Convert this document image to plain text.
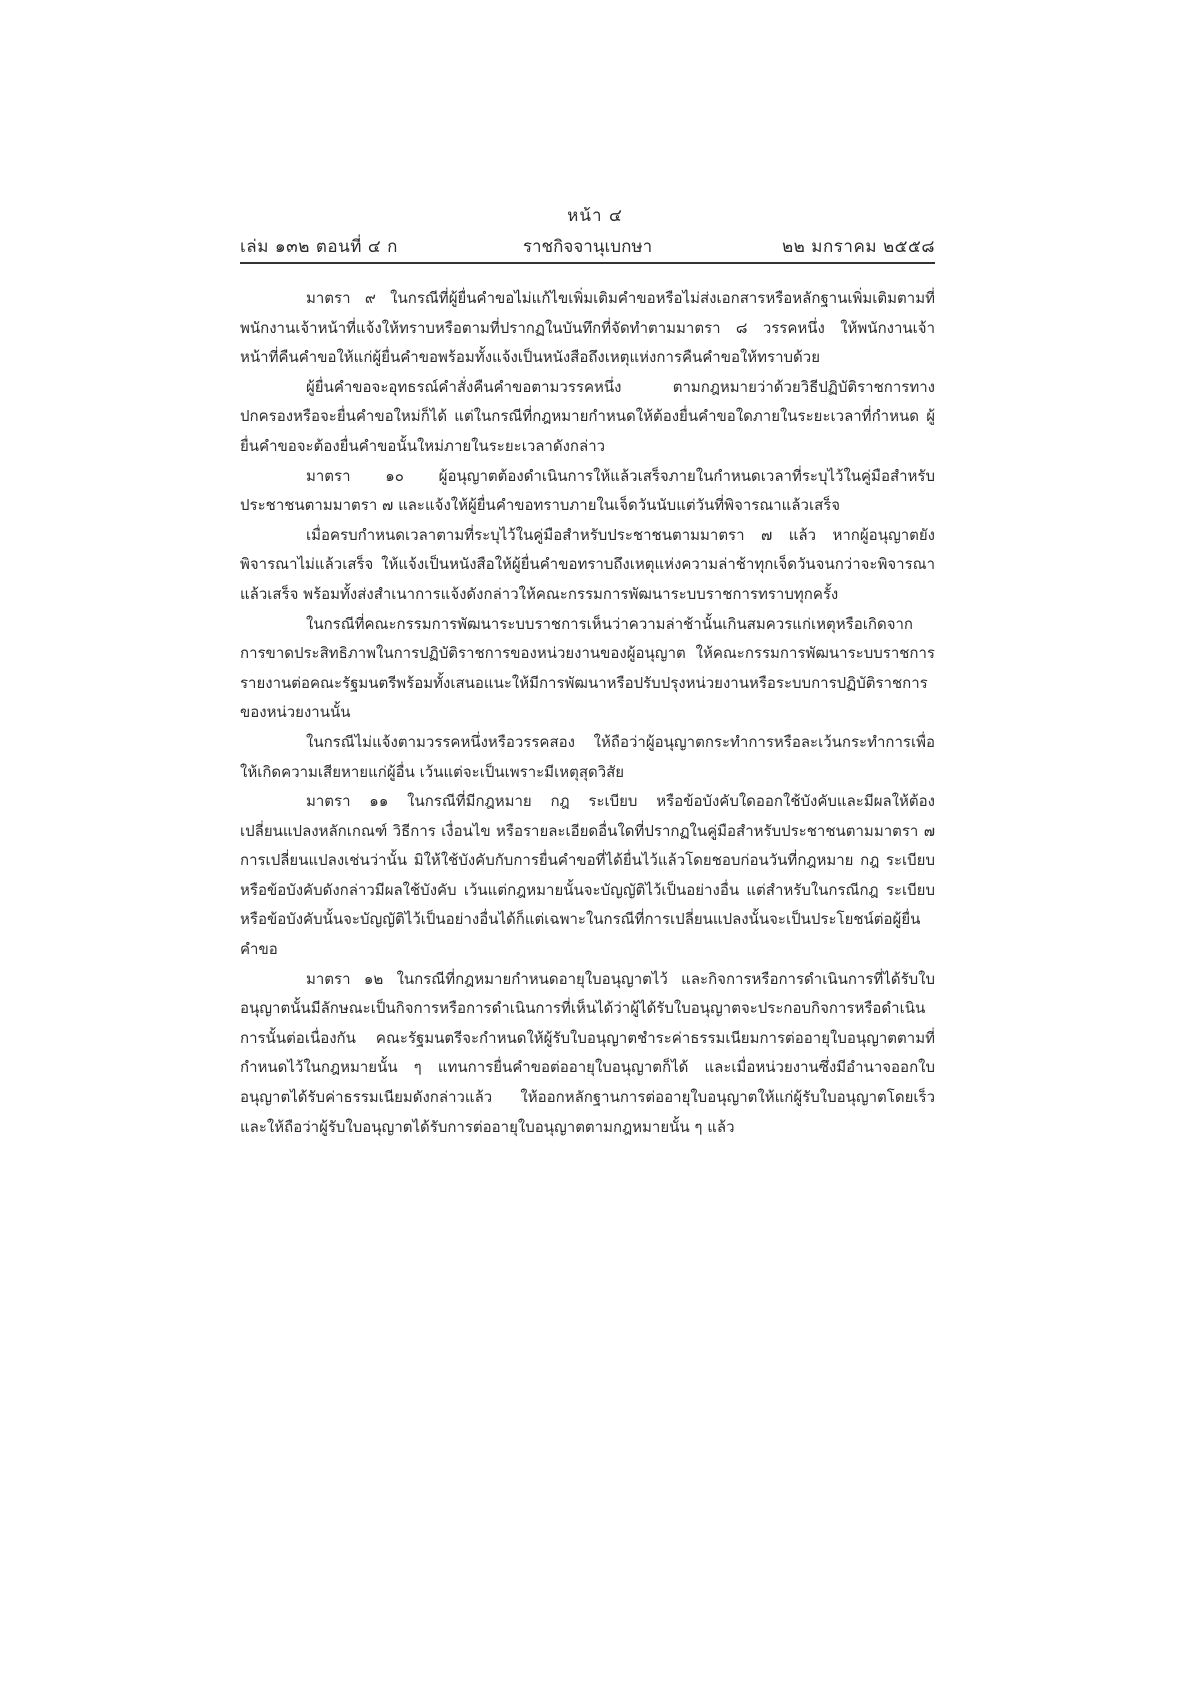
หน้า ๔
เล่ม ๑๓๒ ตอนที่ ๔ ก	ราชกิจจานุเบกษา	๒๒ มกราคม ๒๕๕๘

มาตรา ๙ ในกรณีที่ผู้ยื่นคำขอไม่แก้ไขเพิ่มเติมคำขอหรือไม่ส่งเอกสารหรือหลักฐานเพิ่มเติมตามที่พนักงานเจ้าหน้าที่แจ้งให้ทราบหรือตามที่ปรากฏในบันทึกที่จัดทำตามมาตรา ๘ วรรคหนึ่ง ให้พนักงานเจ้าหน้าที่คืนคำขอให้แก่ผู้ยื่นคำขอพร้อมทั้งแจ้งเป็นหนังสือถึงเหตุแห่งการคืนคำขอให้ทราบด้วย

ผู้ยื่นคำขอจะอุทธรณ์คำสั่งคืนคำขอตามวรรคหนึ่ง ตามกฎหมายว่าด้วยวิธีปฏิบัติราชการทางปกครองหรือจะยื่นคำขอใหม่ก็ได้ แต่ในกรณีที่กฎหมายกำหนดให้ต้องยื่นคำขอใดภายในระยะเวลาที่กำหนด ผู้ยื่นคำขอจะต้องยื่นคำขอนั้นใหม่ภายในระยะเวลาดังกล่าว

มาตรา ๑๐ ผู้อนุญาตต้องดำเนินการให้แล้วเสร็จภายในกำหนดเวลาที่ระบุไว้ในคู่มือสำหรับประชาชนตามมาตรา ๗ และแจ้งให้ผู้ยื่นคำขอทราบภายในเจ็ดวันนับแต่วันที่พิจารณาแล้วเสร็จ

เมื่อครบกำหนดเวลาตามที่ระบุไว้ในคู่มือสำหรับประชาชนตามมาตรา ๗ แล้ว หากผู้อนุญาตยังพิจารณาไม่แล้วเสร็จ ให้แจ้งเป็นหนังสือให้ผู้ยื่นคำขอทราบถึงเหตุแห่งความล่าช้าทุกเจ็ดวันจนกว่าจะพิจารณาแล้วเสร็จ พร้อมทั้งส่งสำเนาการแจ้งดังกล่าวให้คณะกรรมการพัฒนาระบบราชการทราบทุกครั้ง

ในกรณีที่คณะกรรมการพัฒนาระบบราชการเห็นว่าความล่าช้านั้นเกินสมควรแก่เหตุหรือเกิดจากการขาดประสิทธิภาพในการปฏิบัติราชการของหน่วยงานของผู้อนุญาต ให้คณะกรรมการพัฒนาระบบราชการรายงานต่อคณะรัฐมนตรีพร้อมทั้งเสนอแนะให้มีการพัฒนาหรือปรับปรุงหน่วยงานหรือระบบการปฏิบัติราชการของหน่วยงานนั้น

ในกรณีไม่แจ้งตามวรรคหนึ่งหรือวรรคสอง ให้ถือว่าผู้อนุญาตกระทำการหรือละเว้นกระทำการเพื่อให้เกิดความเสียหายแก่ผู้อื่น เว้นแต่จะเป็นเพราะมีเหตุสุดวิสัย

มาตรา ๑๑ ในกรณีที่มีกฎหมาย กฎ ระเบียบ หรือข้อบังคับใดออกใช้บังคับและมีผลให้ต้องเปลี่ยนแปลงหลักเกณฑ์ วิธีการ เงื่อนไข หรือรายละเอียดอื่นใดที่ปรากฏในคู่มือสำหรับประชาชนตามมาตรา ๗ การเปลี่ยนแปลงเช่นว่านั้น มิให้ใช้บังคับกับการยื่นคำขอที่ได้ยื่นไว้แล้วโดยชอบก่อนวันที่กฎหมาย กฎ ระเบียบ หรือข้อบังคับดังกล่าวมีผลใช้บังคับ เว้นแต่กฎหมายนั้นจะบัญญัติไว้เป็นอย่างอื่น แต่สำหรับในกรณีกฎ ระเบียบ หรือข้อบังคับนั้นจะบัญญัติไว้เป็นอย่างอื่นได้ก็แต่เฉพาะในกรณีที่การเปลี่ยนแปลงนั้นจะเป็นประโยชน์ต่อผู้ยื่นคำขอ

มาตรา ๑๒ ในกรณีที่กฎหมายกำหนดอายุใบอนุญาตไว้ และกิจการหรือการดำเนินการที่ได้รับใบอนุญาตนั้นมีลักษณะเป็นกิจการหรือการดำเนินการที่เห็นได้ว่าผู้ได้รับใบอนุญาตจะประกอบกิจการหรือดำเนินการนั้นต่อเนื่องกัน คณะรัฐมนตรีจะกำหนดให้ผู้รับใบอนุญาตชำระค่าธรรมเนียมการต่ออายุใบอนุญาตตามที่กำหนดไว้ในกฎหมายนั้น ๆ แทนการยื่นคำขอต่ออายุใบอนุญาตก็ได้ และเมื่อหน่วยงานซึ่งมีอำนาจออกใบอนุญาตได้รับค่าธรรมเนียมดังกล่าวแล้ว ให้ออกหลักฐานการต่ออายุใบอนุญาตให้แก่ผู้รับใบอนุญาตโดยเร็ว และให้ถือว่าผู้รับใบอนุญาตได้รับการต่ออายุใบอนุญาตตามกฎหมายนั้น ๆ แล้ว
